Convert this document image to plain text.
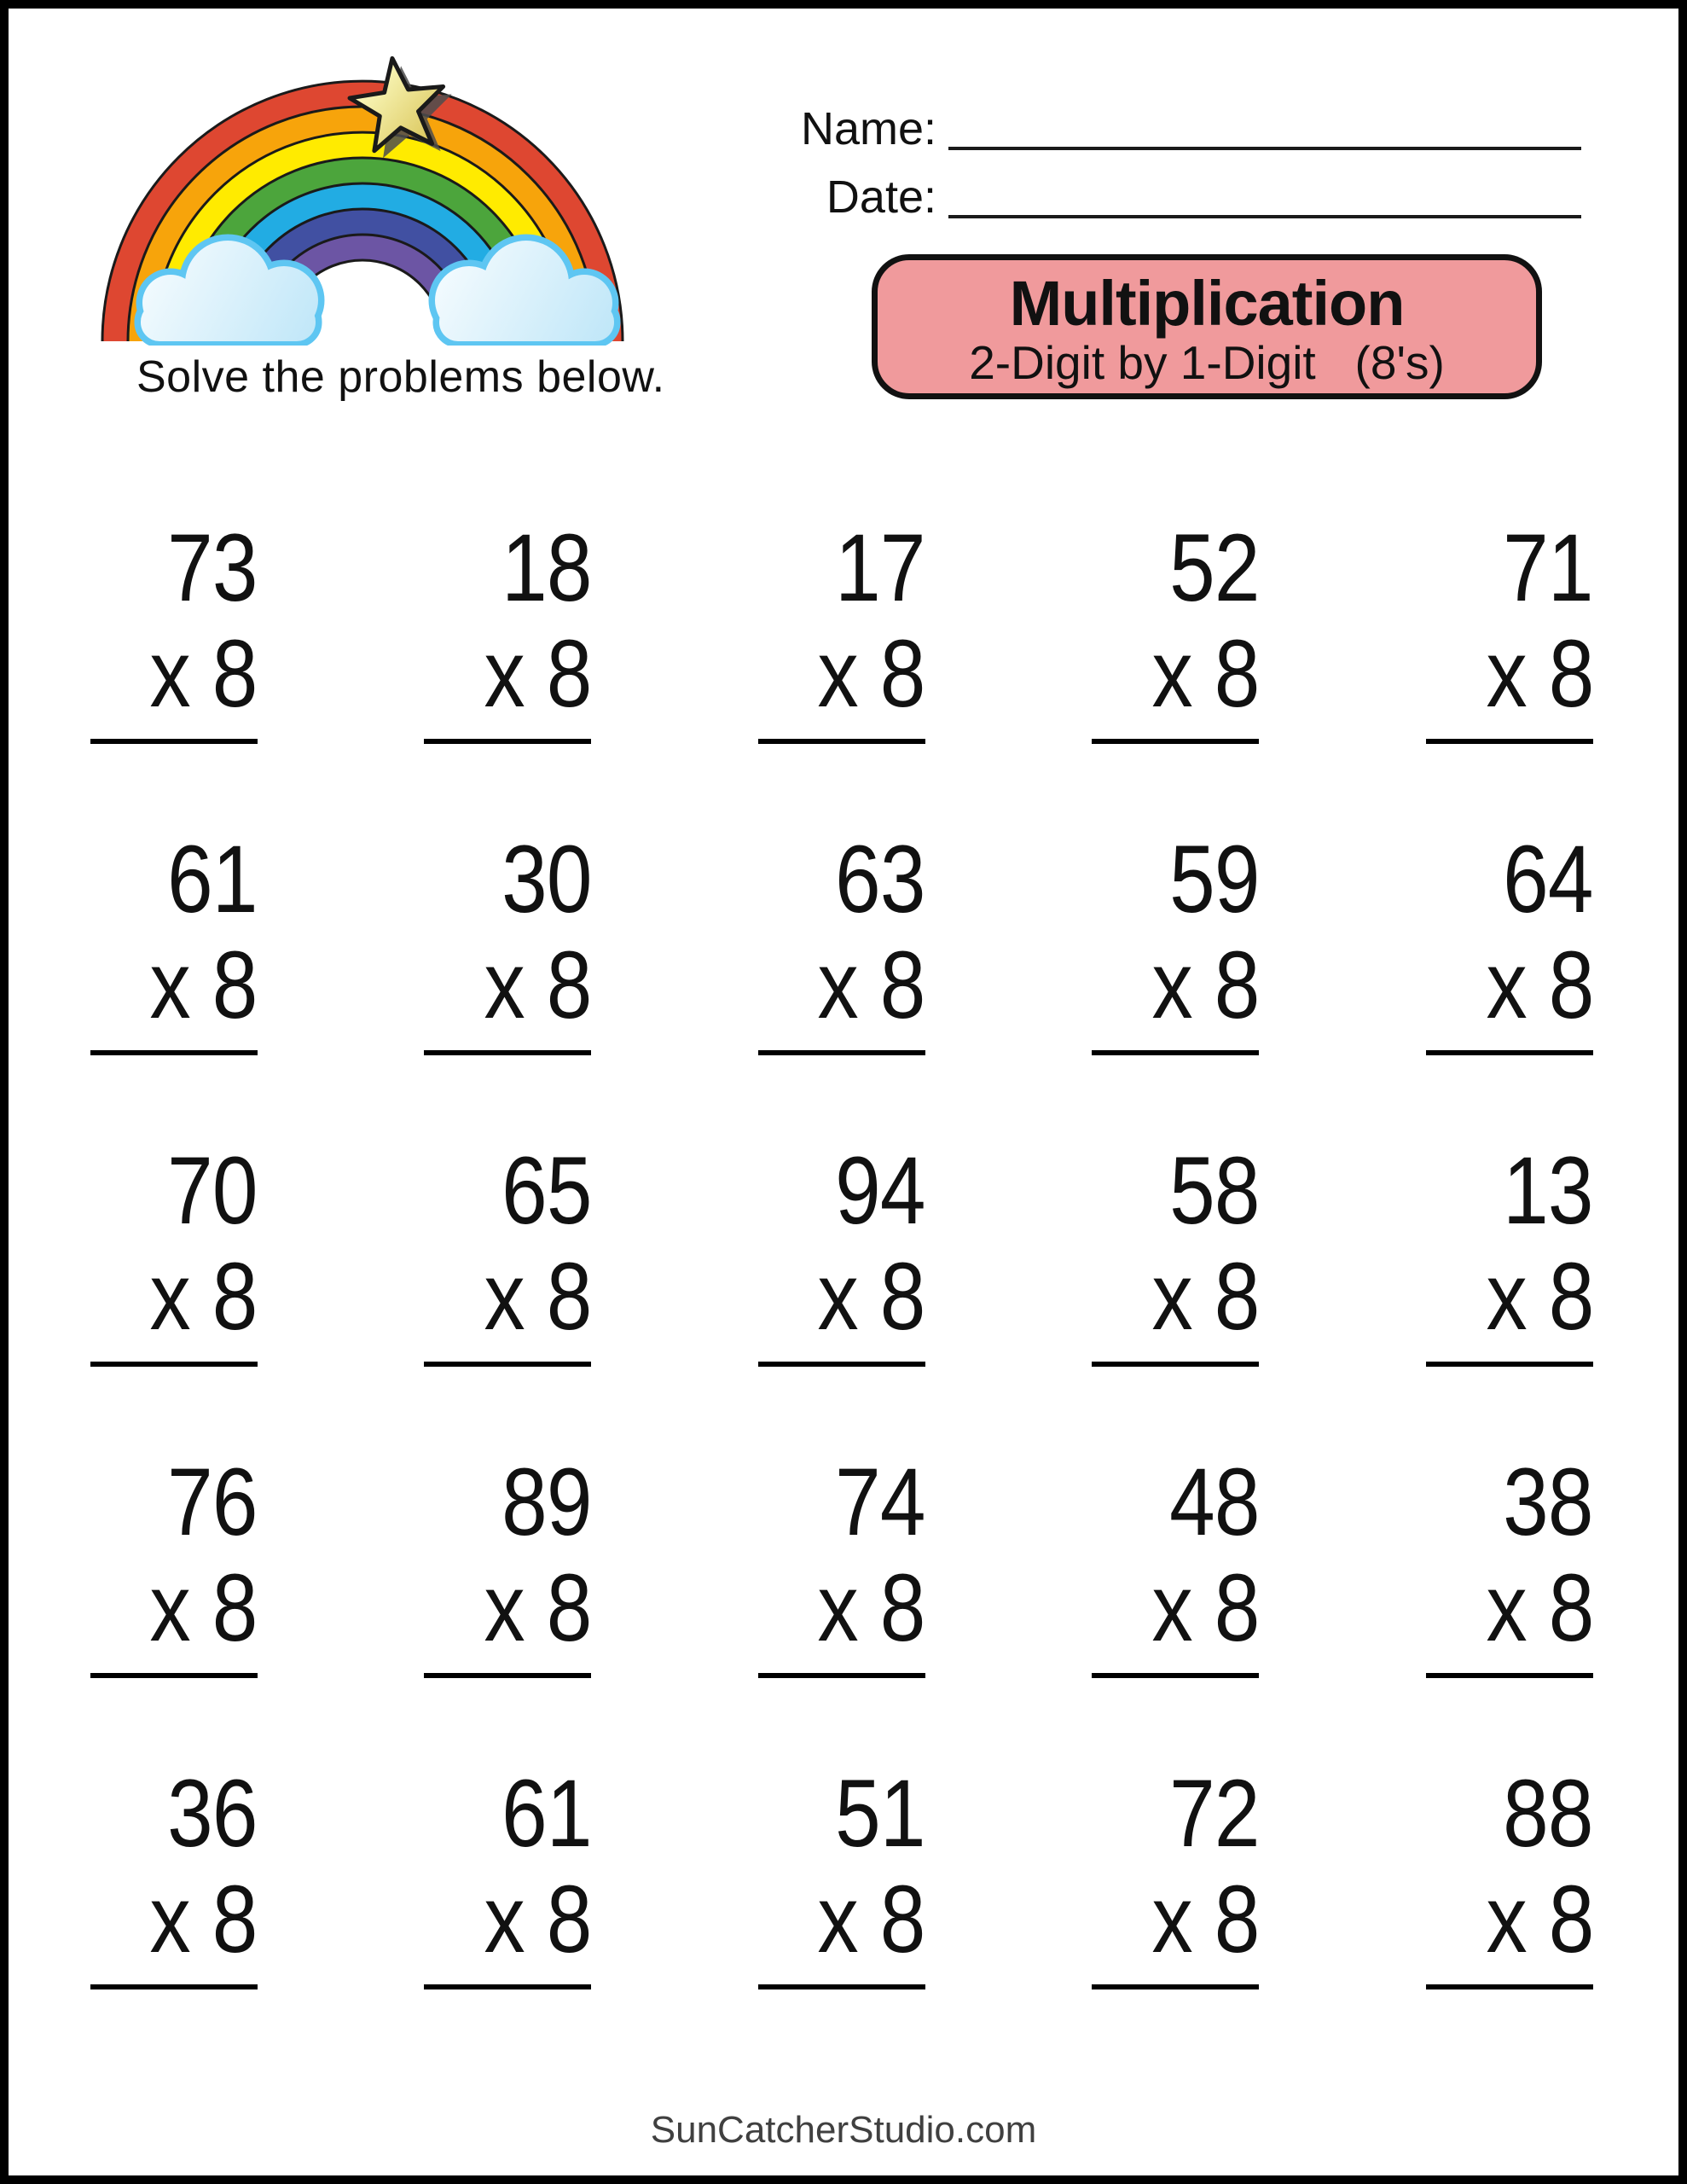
Solve the problems below.
Name:
Date:
Multiplication
2-Digit by 1-Digit   (8's)
73
x 8
18
x 8
17
x 8
52
x 8
71
x 8
61
x 8
30
x 8
63
x 8
59
x 8
64
x 8
70
x 8
65
x 8
94
x 8
58
x 8
13
x 8
76
x 8
89
x 8
74
x 8
48
x 8
38
x 8
36
x 8
61
x 8
51
x 8
72
x 8
88
x 8
SunCatcherStudio.com
